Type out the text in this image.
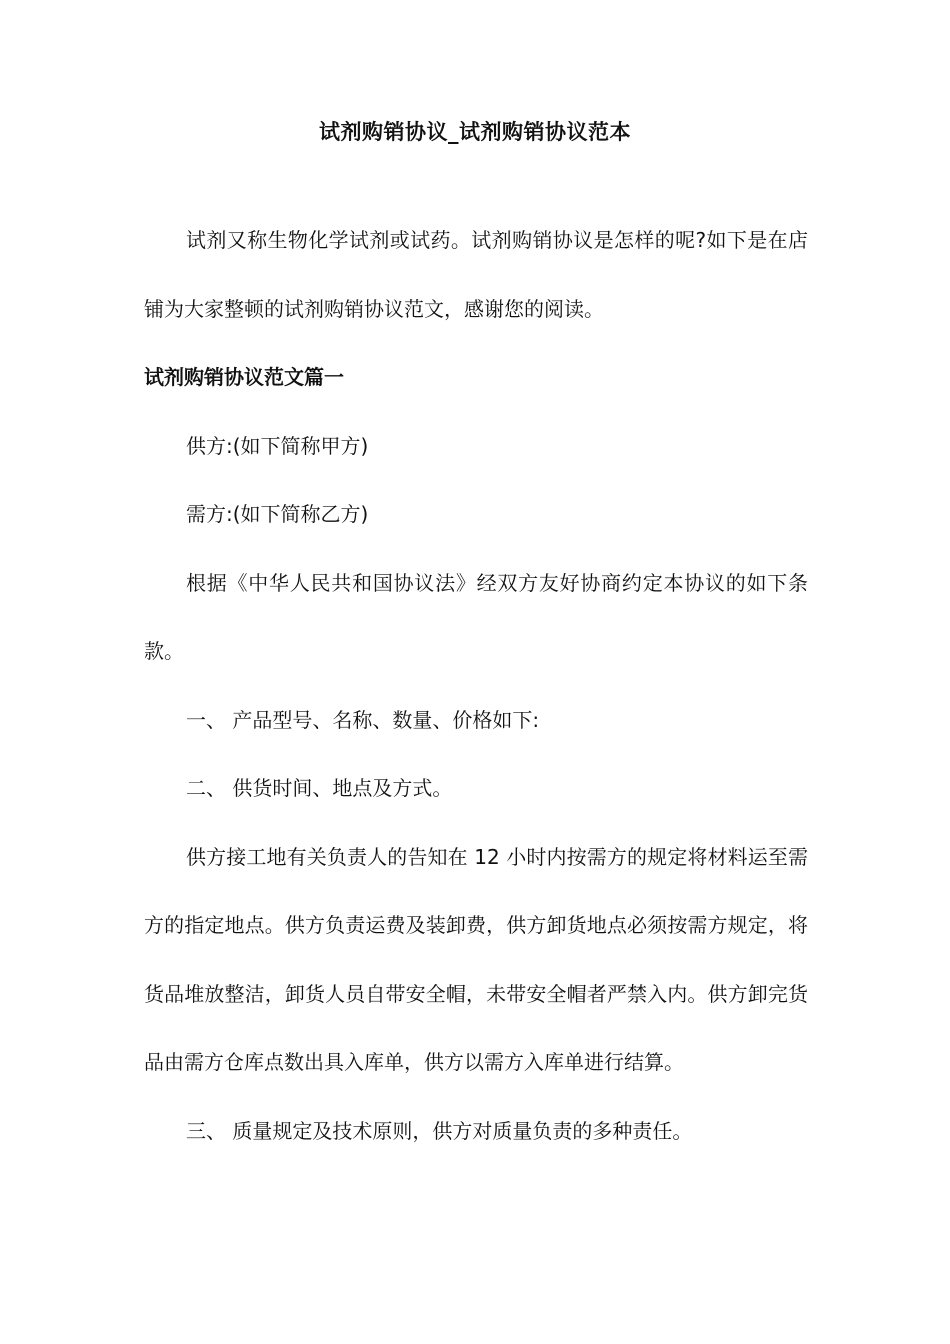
试剂购销协议_试剂购销协议范本

试剂又称生物化学试剂或试药。试剂购销协议是怎样的呢?如下是在店铺为大家整顿的试剂购销协议范文，感谢您的阅读。

试剂购销协议范文篇一

供方:(如下简称甲方)

需方:(如下简称乙方)

根据《中华人民共和国协议法》经双方友好协商约定本协议的如下条款。

一、 产品型号、名称、数量、价格如下:

二、 供货时间、地点及方式。

供方接工地有关负责人的告知在 12 小时内按需方的规定将材料运至需方的指定地点。供方负责运费及装卸费，供方卸货地点必须按需方规定，将货品堆放整洁，卸货人员自带安全帽，未带安全帽者严禁入内。供方卸完货品由需方仓库点数出具入库单，供方以需方入库单进行结算。

三、 质量规定及技术原则，供方对质量负责的多种责任。
